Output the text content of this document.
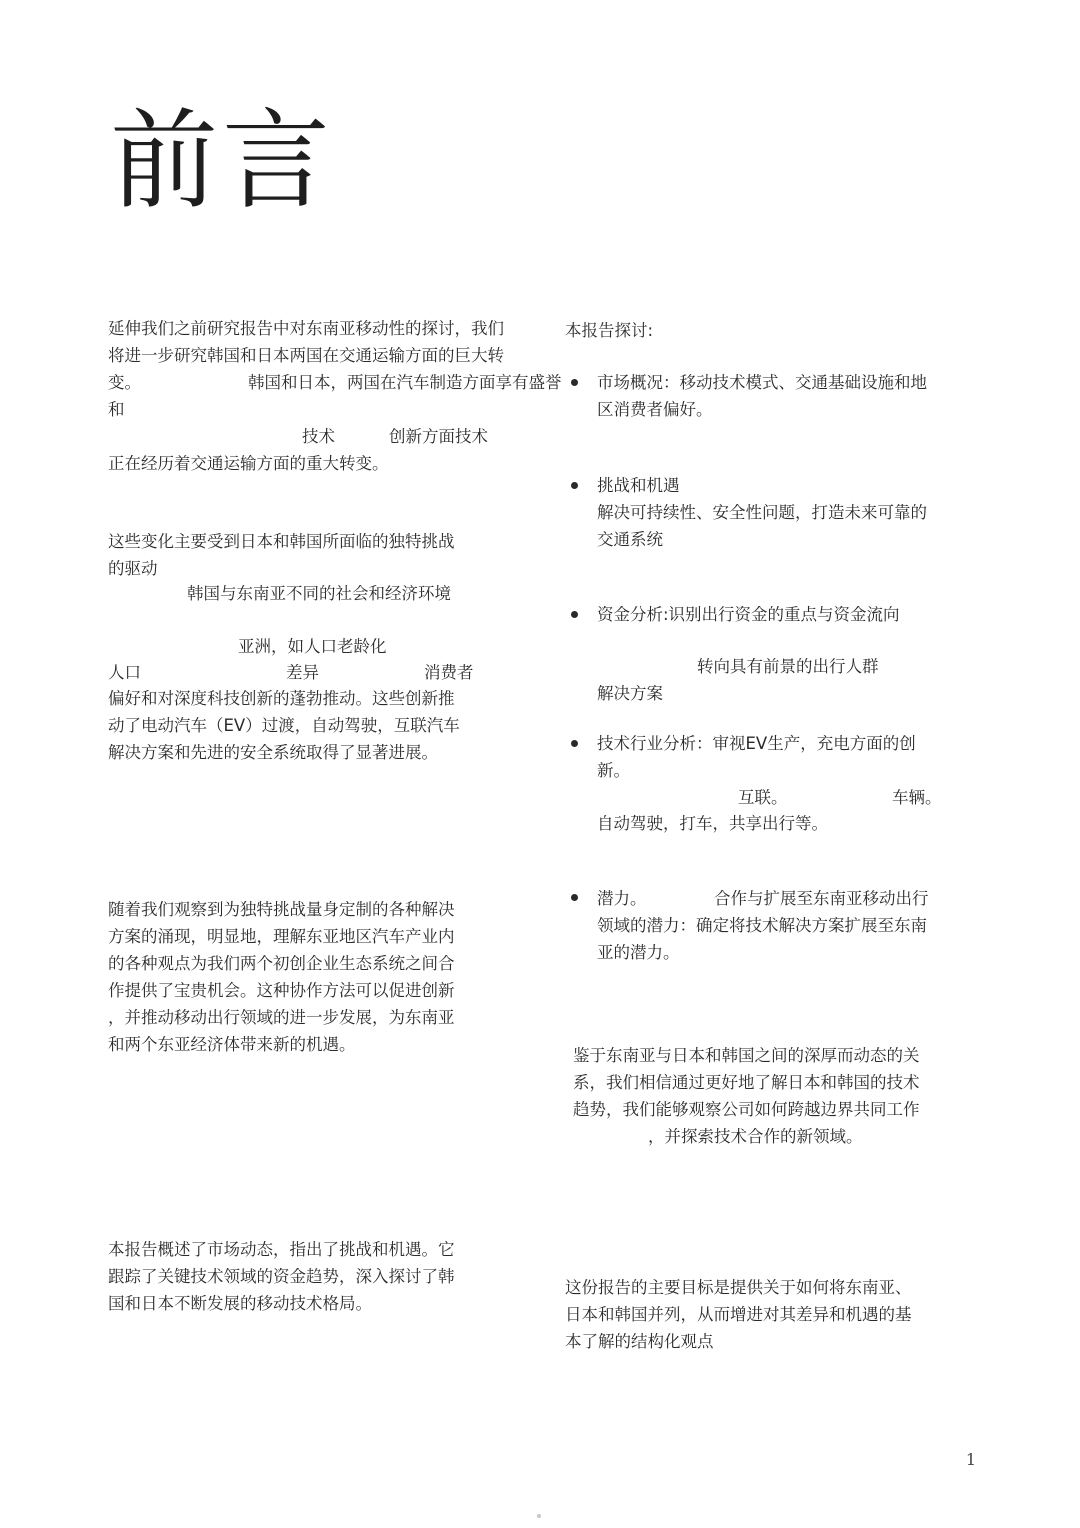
前言

延伸我们之前研究报告中对东南亚移动性的探讨，我们

将进一步研究韩国和日本两国在交通运输方面的巨大转

变。	韩国和日本，两国在汽车制造方面享有盛誉

和

技术	创新方面技术

正在经历着交通运输方面的重大转变。

这些变化主要受到日本和韩国所面临的独特挑战

的驱动

韩国与东南亚不同的社会和经济环境

亚洲，如人口老龄化

人口	差异	消费者

偏好和对深度科技创新的蓬勃推动。这些创新推

动了电动汽车（EV）过渡，自动驾驶，互联汽车

解决方案和先进的安全系统取得了显著进展。

随着我们观察到为独特挑战量身定制的各种解决

方案的涌现，明显地，理解东亚地区汽车产业内

的各种观点为我们两个初创企业生态系统之间合

作提供了宝贵机会。这种协作方法可以促进创新

，并推动移动出行领域的进一步发展，为东南亚

和两个东亚经济体带来新的机遇。

本报告概述了市场动态，指出了挑战和机遇。它

跟踪了关键技术领域的资金趋势，深入探讨了韩

国和日本不断发展的移动技术格局。

本报告探讨:

市场概况：移动技术模式、交通基础设施和地

区消费者偏好。

挑战和机遇

解决可持续性、安全性问题，打造未来可靠的

交通系统

资金分析:识别出行资金的重点与资金流向

转向具有前景的出行人群

解决方案

技术行业分析：审视EV生产，充电方面的创

新。

互联。	车辆。

自动驾驶，打车，共享出行等。

潜力。	合作与扩展至东南亚移动出行

领域的潜力：确定将技术解决方案扩展至东南

亚的潜力。

鉴于东南亚与日本和韩国之间的深厚而动态的关

系，我们相信通过更好地了解日本和韩国的技术

趋势，我们能够观察公司如何跨越边界共同工作

，并探索技术合作的新领域。

这份报告的主要目标是提供关于如何将东南亚、

日本和韩国并列，从而增进对其差异和机遇的基

本了解的结构化观点

1
